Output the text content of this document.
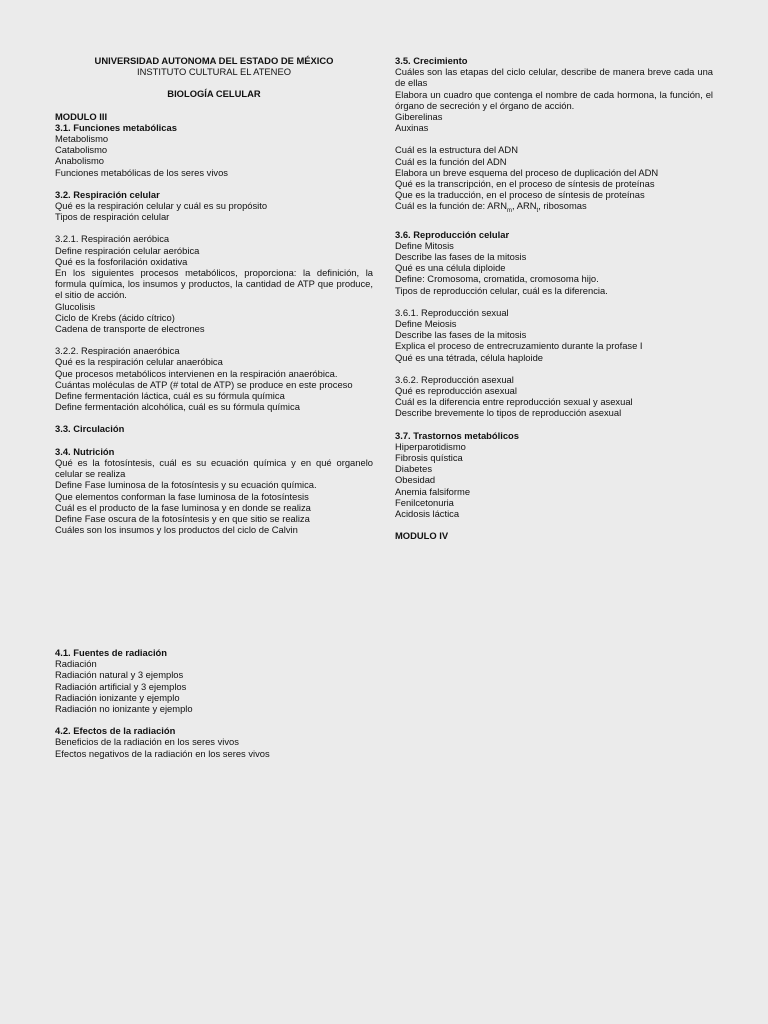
UNIVERSIDAD AUTONOMA DEL ESTADO DE MÉXICO
INSTITUTO CULTURAL EL ATENEO
BIOLOGÍA CELULAR
MODULO III
3.1. Funciones metabólicas
Metabolismo
Catabolismo
Anabolismo
Funciones metabólicas de los seres vivos
3.2. Respiración celular
Qué es la respiración celular y cuál es su propósito
Tipos de respiración celular
3.2.1. Respiración aeróbica
Define respiración celular aeróbica
Qué es la fosforilación oxidativa
En los siguientes procesos metabólicos, proporciona: la definición, la formula química, los insumos y productos, la cantidad de ATP que produce, el sitio de acción.
Glucolisis
Ciclo de Krebs (ácido cítrico)
Cadena de transporte de electrones
3.2.2. Respiración anaeróbica
Qué es la respiración celular anaeróbica
Que procesos metabólicos intervienen en la respiración anaeróbica.
Cuántas moléculas de ATP (# total de ATP) se produce en este proceso
Define fermentación láctica, cuál es su fórmula química
Define fermentación alcohólica, cuál es su fórmula química
3.3. Circulación
3.4. Nutrición
Qué es la fotosíntesis, cuál es su ecuación química y en qué organelo celular se realiza
Define Fase luminosa de la fotosíntesis y su ecuación química.
Que elementos conforman la fase luminosa de la fotosíntesis
Cuál es el producto de la fase luminosa y en donde se realiza
Define Fase oscura de la fotosíntesis y en que sitio se realiza
Cuáles son los insumos y los productos del ciclo de Calvin
3.5. Crecimiento
Cuáles son las etapas del ciclo celular, describe de manera breve cada una de ellas
Elabora un cuadro que contenga el nombre de cada hormona, la función, el órgano de secreción y el órgano de acción.
Giberelinas
Auxinas
Cuál es la estructura del ADN
Cuál es la función del ADN
Elabora un breve esquema del proceso de duplicación del ADN
Qué es la transcripción, en el proceso de síntesis de proteínas
Que es la traducción, en el proceso de síntesis de proteínas
Cuál es la función de: $ARN_m$, $ARN_t$, ribosomas
3.6. Reproducción celular
Define Mitosis
Describe las fases de la mitosis
Qué es una célula diploide
Define: Cromosoma, cromatida, cromosoma hijo.
Tipos de reproducción celular, cuál es la diferencia.
3.6.1. Reproducción sexual
Define Meiosis
Describe las fases de la mitosis
Explica el proceso de entrecruzamiento durante la profase I
Qué es una tétrada, célula haploide
3.6.2. Reproducción asexual
Qué es reproducción asexual
Cuál es la diferencia entre reproducción sexual y asexual
Describe brevemente lo tipos de reproducción asexual
3.7. Trastornos metabólicos
Hiperparotidismo
Fibrosis quística
Diabetes
Obesidad
Anemia falsiforme
Fenilcetonuria
Acidosis láctica
MODULO IV
4.1. Fuentes de radiación
Radiación
Radiación natural y 3 ejemplos
Radiación artificial y 3 ejemplos
Radiación ionizante y ejemplo
Radiación no ionizante y ejemplo
4.2. Efectos de la radiación
Beneficios de la radiación en los seres vivos
Efectos negativos de la radiación en los seres vivos
